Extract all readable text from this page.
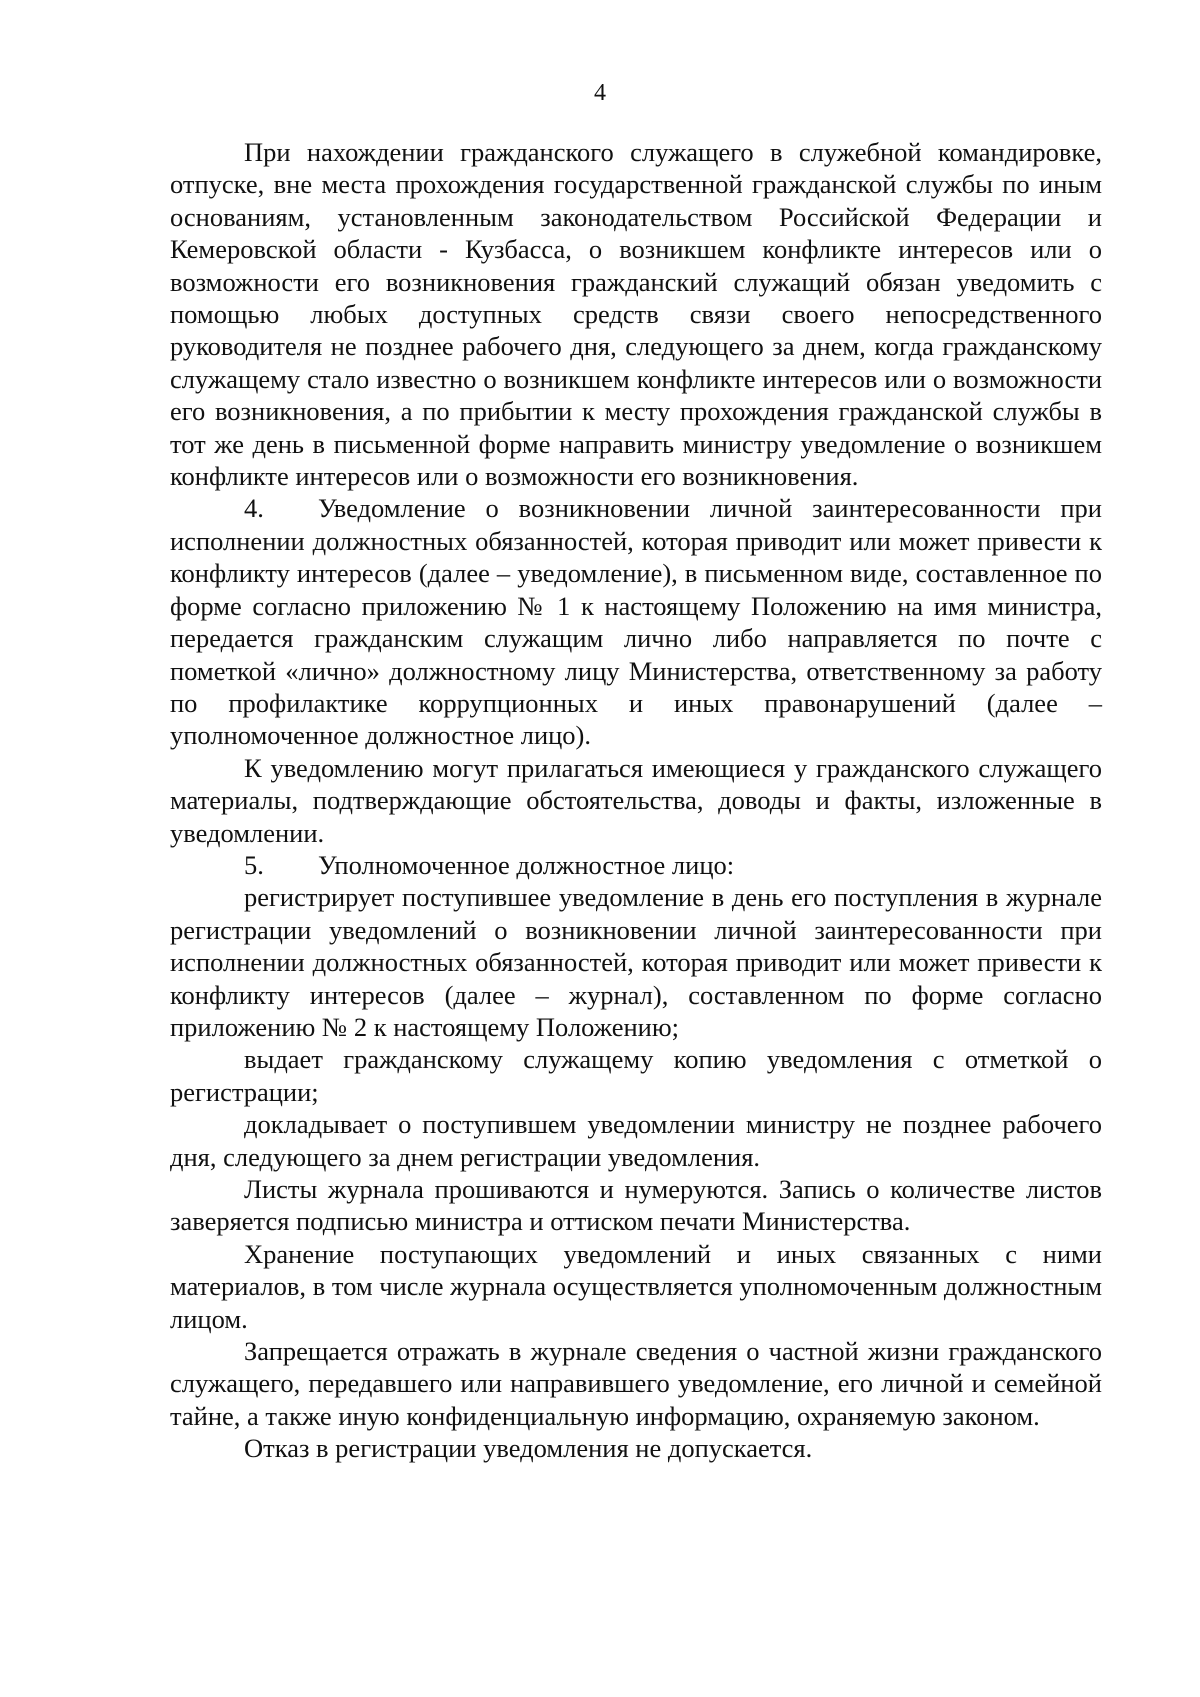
4

При нахождении гражданского служащего в служебной командировке, отпуске, вне места прохождения государственной гражданской службы по иным основаниям, установленным законодательством Российской Федерации и Кемеровской области - Кузбасса, о возникшем конфликте интересов или о возможности его возникновения гражданский служащий обязан уведомить с помощью любых доступных средств связи своего непосредственного руководителя не позднее рабочего дня, следующего за днем, когда гражданскому служащему стало известно о возникшем конфликте интересов или о возможности его возникновения, а по прибытии к месту прохождения гражданской службы в тот же день в письменной форме направить министру уведомление о возникшем конфликте интересов или о возможности его возникновения.

4. Уведомление о возникновении личной заинтересованности при исполнении должностных обязанностей, которая приводит или может привести к конфликту интересов (далее – уведомление), в письменном виде, составленное по форме согласно приложению № 1 к настоящему Положению на имя министра, передается гражданским служащим лично либо направляется по почте с пометкой «лично» должностному лицу Министерства, ответственному за работу по профилактике коррупционных и иных правонарушений (далее – уполномоченное должностное лицо).

К уведомлению могут прилагаться имеющиеся у гражданского служащего материалы, подтверждающие обстоятельства, доводы и факты, изложенные в уведомлении.

5. Уполномоченное должностное лицо:

регистрирует поступившее уведомление в день его поступления в журнале регистрации уведомлений о возникновении личной заинтересованности при исполнении должностных обязанностей, которая приводит или может привести к конфликту интересов (далее – журнал), составленном по форме согласно приложению № 2 к настоящему Положению;

выдает гражданскому служащему копию уведомления с отметкой о регистрации;

докладывает о поступившем уведомлении министру не позднее рабочего дня, следующего за днем регистрации уведомления.

Листы журнала прошиваются и нумеруются. Запись о количестве листов заверяется подписью министра и оттиском печати Министерства.

Хранение поступающих уведомлений и иных связанных с ними материалов, в том числе журнала осуществляется уполномоченным должностным лицом.

Запрещается отражать в журнале сведения о частной жизни гражданского служащего, передавшего или направившего уведомление, его личной и семейной тайне, а также иную конфиденциальную информацию, охраняемую законом.

Отказ в регистрации уведомления не допускается.
